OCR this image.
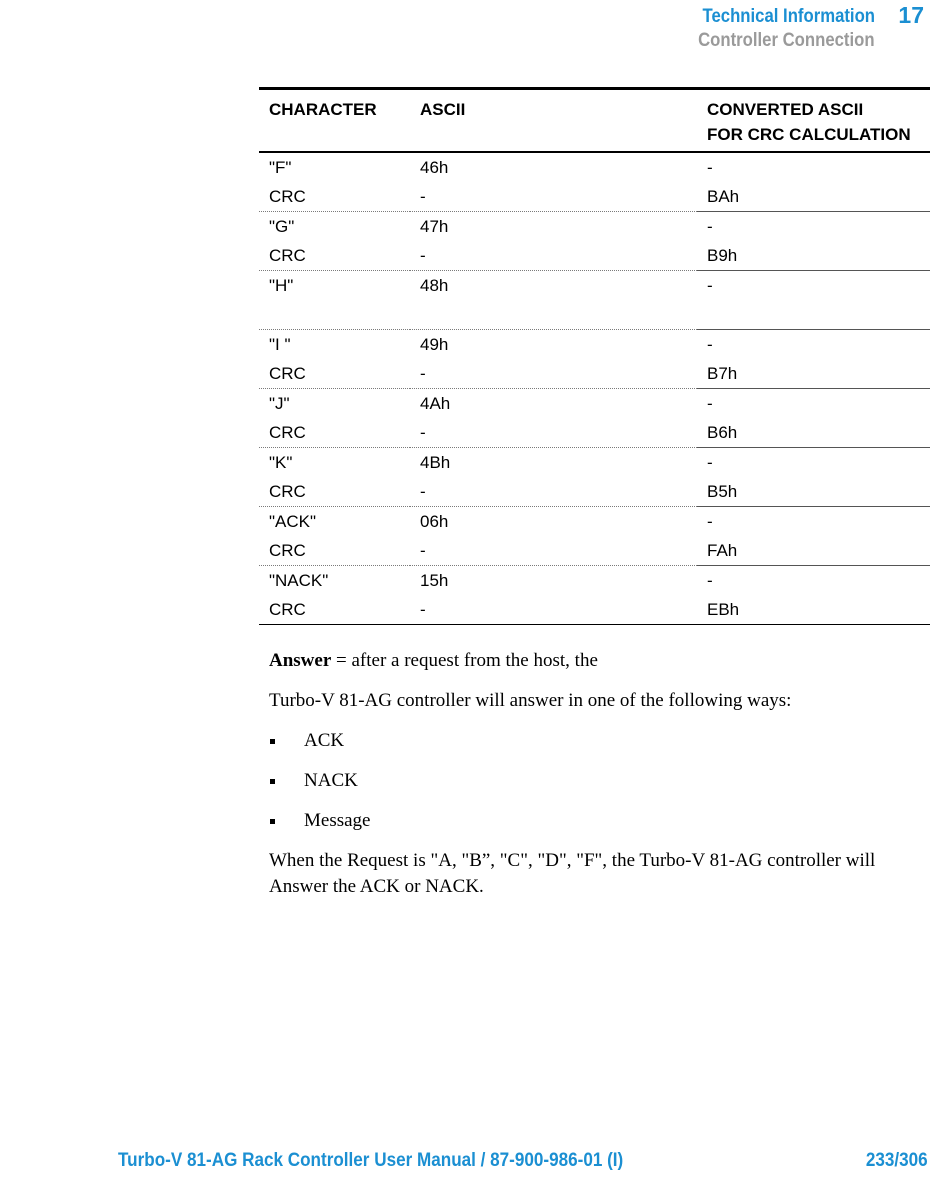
Technical Information 17
Controller Connection
CHARACTER	ASCII	CONVERTED ASCII
FOR CRC CALCULATION

"F"	46h	-
CRC	-	BAh
"G"	47h	-
CRC	-	B9h
"H"	48h	-

"I "	49h	-
CRC	-	B7h
"J"	4Ah	-
CRC	-	B6h
"K"	4Bh	-
CRC	-	B5h
"ACK"	06h	-
CRC	-	FAh
"NACK"	15h	-
CRC	-	EBh

Answer = after a request from the host, the

Turbo-V 81-AG controller will answer in one of the following ways:

ACK
NACK
Message

When the Request is "A, "B”, "C", "D", "F", the Turbo-V 81-AG controller will Answer the ACK or NACK.

Turbo-V 81-AG Rack Controller User Manual / 87-900-986-01 (I)	233/306
